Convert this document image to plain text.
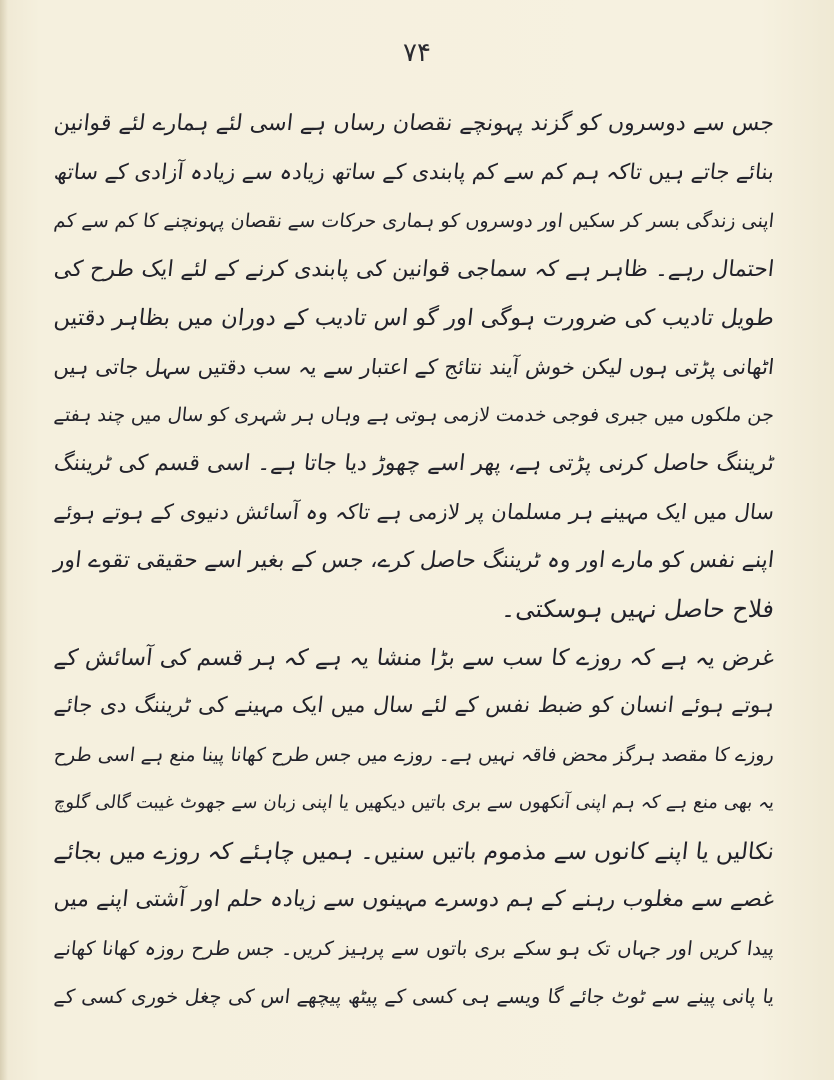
۷۴
جس سے دوسروں کو گزند پہونچے نقصان رساں ہے اسی لئے ہمارے لئے قوانین
بنائے جاتے ہیں تاکہ ہم کم سے کم پابندی کے ساتھ زیادہ سے زیادہ آزادی کے ساتھ
اپنی زندگی بسر کر سکیں اور دوسروں کو ہماری حرکات سے نقصان پہونچنے کا کم سے کم
احتمال رہے۔ ظاہر ہے کہ سماجی قوانین کی پابندی کرنے کے لئے ایک طرح کی
طویل تادیب کی ضرورت ہوگی اور گو اس تادیب کے دوران میں بظاہر دقتیں
اٹھانی پڑتی ہوں لیکن خوش آیند نتائج کے اعتبار سے یہ سب دقتیں سہل جاتی ہیں
جن ملکوں میں جبری فوجی خدمت لازمی ہوتی ہے وہاں ہر شہری کو سال میں چند ہفتے
ٹریننگ حاصل کرنی پڑتی ہے، پھر اسے چھوڑ دیا جاتا ہے۔ اسی قسم کی ٹریننگ
سال میں ایک مہینے ہر مسلمان پر لازمی ہے تاکہ وہ آسائش دنیوی کے ہوتے ہوئے
اپنے نفس کو مارے اور وہ ٹریننگ حاصل کرے، جس کے بغیر اسے حقیقی تقوے اور
فلاح حاصل نہیں ہوسکتی۔
غرض یہ ہے کہ روزے کا سب سے بڑا منشا یہ ہے کہ ہر قسم کی آسائش کے
ہوتے ہوئے انسان کو ضبط نفس کے لئے سال میں ایک مہینے کی ٹریننگ دی جائے
روزے کا مقصد ہرگز محض فاقہ نہیں ہے۔ روزے میں جس طرح کھانا پینا منع ہے اسی طرح
یہ بھی منع ہے کہ ہم اپنی آنکھوں سے بری باتیں دیکھیں یا اپنی زبان سے جھوٹ غیبت گالی گلوچ
نکالیں یا اپنے کانوں سے مذموم باتیں سنیں۔ ہمیں چاہئے کہ روزے میں بجائے
غصے سے مغلوب رہنے کے ہم دوسرے مہینوں سے زیادہ حلم اور آشتی اپنے میں
پیدا کریں اور جہاں تک ہو سکے بری باتوں سے پرہیز کریں۔ جس طرح روزہ کھانا کھانے
یا پانی پینے سے ٹوٹ جائے گا ویسے ہی کسی کے پیٹھ پیچھے اس کی چغل خوری کسی کے
